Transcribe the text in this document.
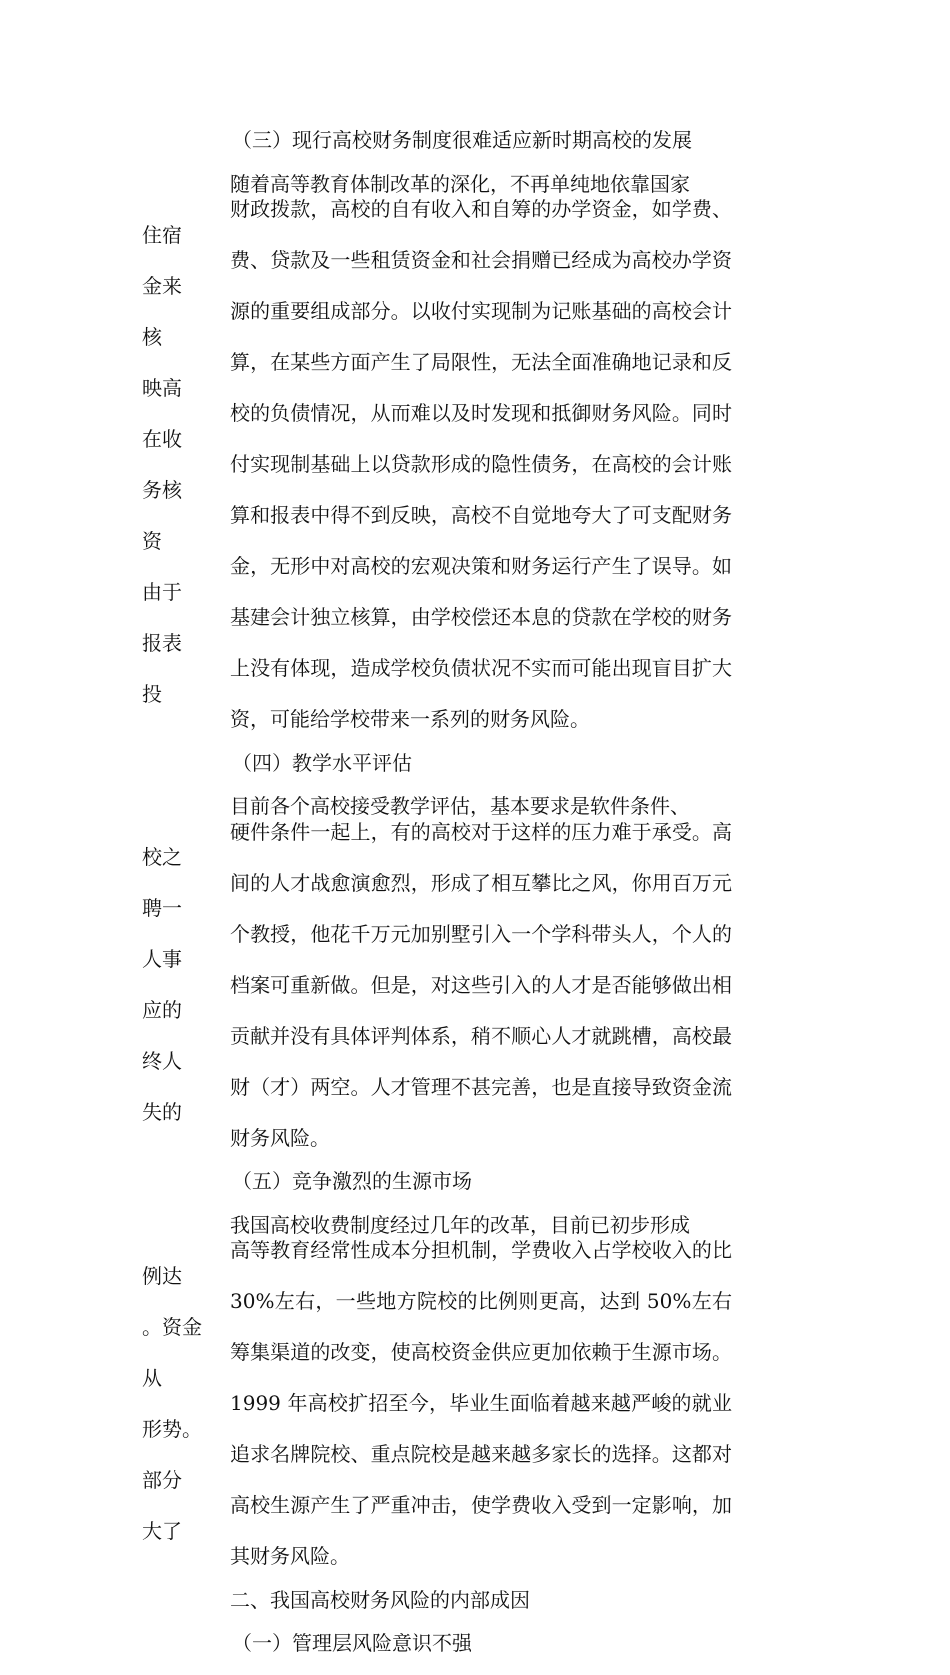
（三）现行高校财务制度很难适应新时期高校的发展
随着高等教育体制改革的深化，不再单纯地依靠国家
财政拨款，高校的自有收入和自筹的办学资金，如学费、住宿
费、贷款及一些租赁资金和社会捐赠已经成为高校办学资金来
源的重要组成部分。以收付实现制为记账基础的高校会计核
算，在某些方面产生了局限性，无法全面准确地记录和反映高
校的负债情况，从而难以及时发现和抵御财务风险。同时在收
付实现制基础上以贷款形成的隐性债务，在高校的会计账务核
算和报表中得不到反映，高校不自觉地夸大了可支配财务资
金，无形中对高校的宏观决策和财务运行产生了误导。如由于
基建会计独立核算，由学校偿还本息的贷款在学校的财务报表
上没有体现，造成学校负债状况不实而可能出现盲目扩大投
资，可能给学校带来一系列的财务风险。
（四）教学水平评估
目前各个高校接受教学评估，基本要求是软件条件、
硬件条件一起上，有的高校对于这样的压力难于承受。高校之
间的人才战愈演愈烈，形成了相互攀比之风，你用百万元聘一
个教授，他花千万元加别墅引入一个学科带头人，个人的人事
档案可重新做。但是，对这些引入的人才是否能够做出相应的
贡献并没有具体评判体系，稍不顺心人才就跳槽，高校最终人
财（才）两空。人才管理不甚完善，也是直接导致资金流失的
财务风险。
（五）竞争激烈的生源市场
我国高校收费制度经过几年的改革，目前已初步形成
高等教育经常性成本分担机制，学费收入占学校收入的比例达
30%左右，一些地方院校的比例则更高，达到 50%左右。资金
筹集渠道的改变，使高校资金供应更加依赖于生源市场。从
1999 年高校扩招至今，毕业生面临着越来越严峻的就业形势。
追求名牌院校、重点院校是越来越多家长的选择。这都对部分
高校生源产生了严重冲击，使学费收入受到一定影响，加大了
其财务风险。
二、我国高校财务风险的内部成因
（一）管理层风险意识不强
